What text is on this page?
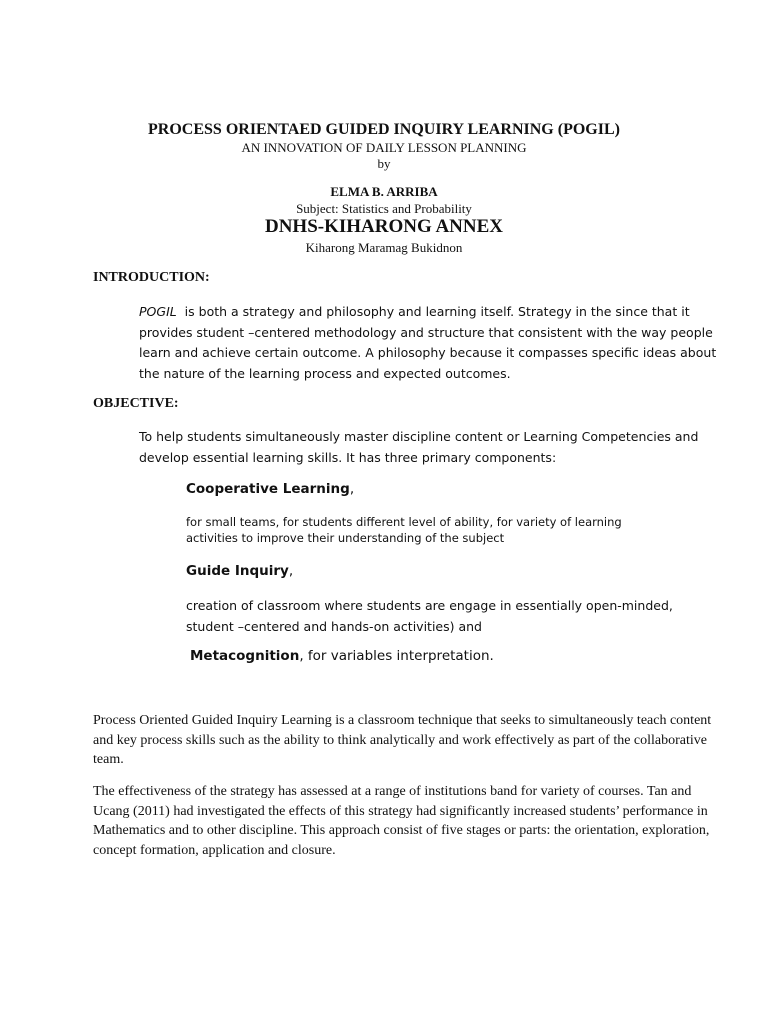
PROCESS ORIENTAED GUIDED INQUIRY LEARNING (POGIL)

AN INNOVATION OF DAILY LESSON PLANNING

by

ELMA B. ARRIBA

Subject: Statistics and Probability

DNHS-KIHARONG ANNEX

Kiharong Maramag Bukidnon

INTRODUCTION:

POGIL is both a strategy and philosophy and learning itself. Strategy in the since that it provides student –centered methodology and structure that consistent with the way people learn and achieve certain outcome. A philosophy because it compasses specific ideas about the nature of the learning process and expected outcomes.

OBJECTIVE:

To help students simultaneously master discipline content or Learning Competencies and develop essential learning skills. It has three primary components:

Cooperative Learning,

for small teams, for students different level of ability, for variety of learning activities to improve their understanding of the subject

Guide Inquiry,

creation of classroom where students are engage in essentially open-minded, student –centered and hands-on activities) and

Metacognition, for variables interpretation.

Process Oriented Guided Inquiry Learning is a classroom technique that seeks to simultaneously teach content and key process skills such as the ability to think analytically and work effectively as part of the collaborative team.

The effectiveness of the strategy has assessed at a range of institutions band for variety of courses. Tan and Ucang (2011) had investigated the effects of this strategy had significantly increased students’ performance in Mathematics and to other discipline. This approach consist of five stages or parts: the orientation, exploration, concept formation, application and closure.
